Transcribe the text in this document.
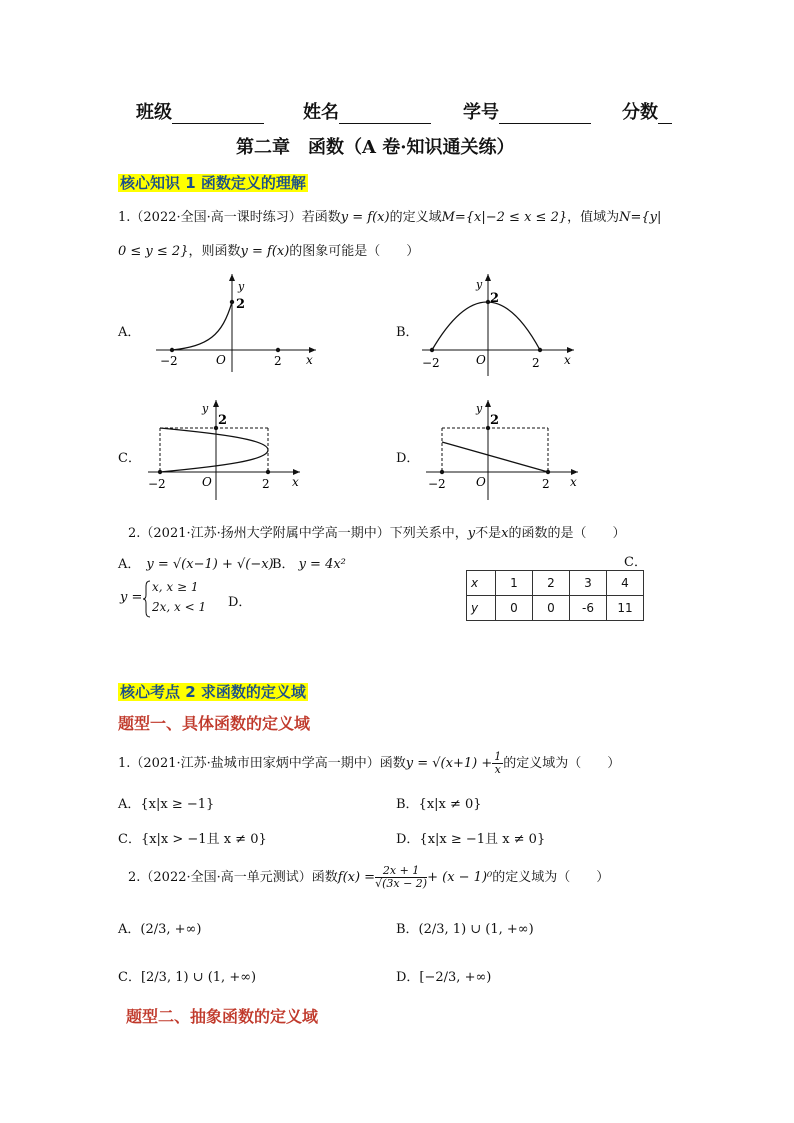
班级	姓名	学号	分数
第二章　函数（A 卷·知识通关练）
核心知识 1 函数定义的理解
1.（2022·全国·高一课时练习）若函数y = f(x)的定义域M={x|−2 ≤ x ≤ 2}，值域为N={y|
0 ≤ y ≤ 2}，则函数y = f(x)的图象可能是（　　）
A．
y
2
−2	O	2 x
B．
y
2
−2	O	2 x
C．
y
2
−2	O	2 x
D．
y
2
−2	O	2 x
2.（2021·江苏·扬州大学附属中学高一期中）下列关系中，y不是x的函数的是（　　）
A． y = √(x−1) + √(−x)
B． y = 4x²	C．
y =
x, x ≥ 1
2x, x < 1 D．
x	1	2	3	4
y	0	0	-6	11
核心考点 2 求函数的定义域
题型一、具体函数的定义域
1.（2021·江苏·盐城市田家炳中学高一期中）函数$y = √(x+1) + \frac{1}{x}$ 的定义域为（　　）
A．{x|x ≥ −1}	B．{x|x ≠ 0}
C．{x|x > −1且 x ≠ 0}	D．{x|x ≥ −1且 x ≠ 0}
2.（2022·全国·高一单元测试）函数$f(x) = \frac{2x + 1}{√(3x - 2)} + (x - 1)^0$的定义域为（　　）
A．(2/3, +∞)	B．(2/3, 1) ∪ (1, +∞)
C．[2/3, 1) ∪ (1, +∞)	D．[−2/3, +∞)
题型二、抽象函数的定义域
